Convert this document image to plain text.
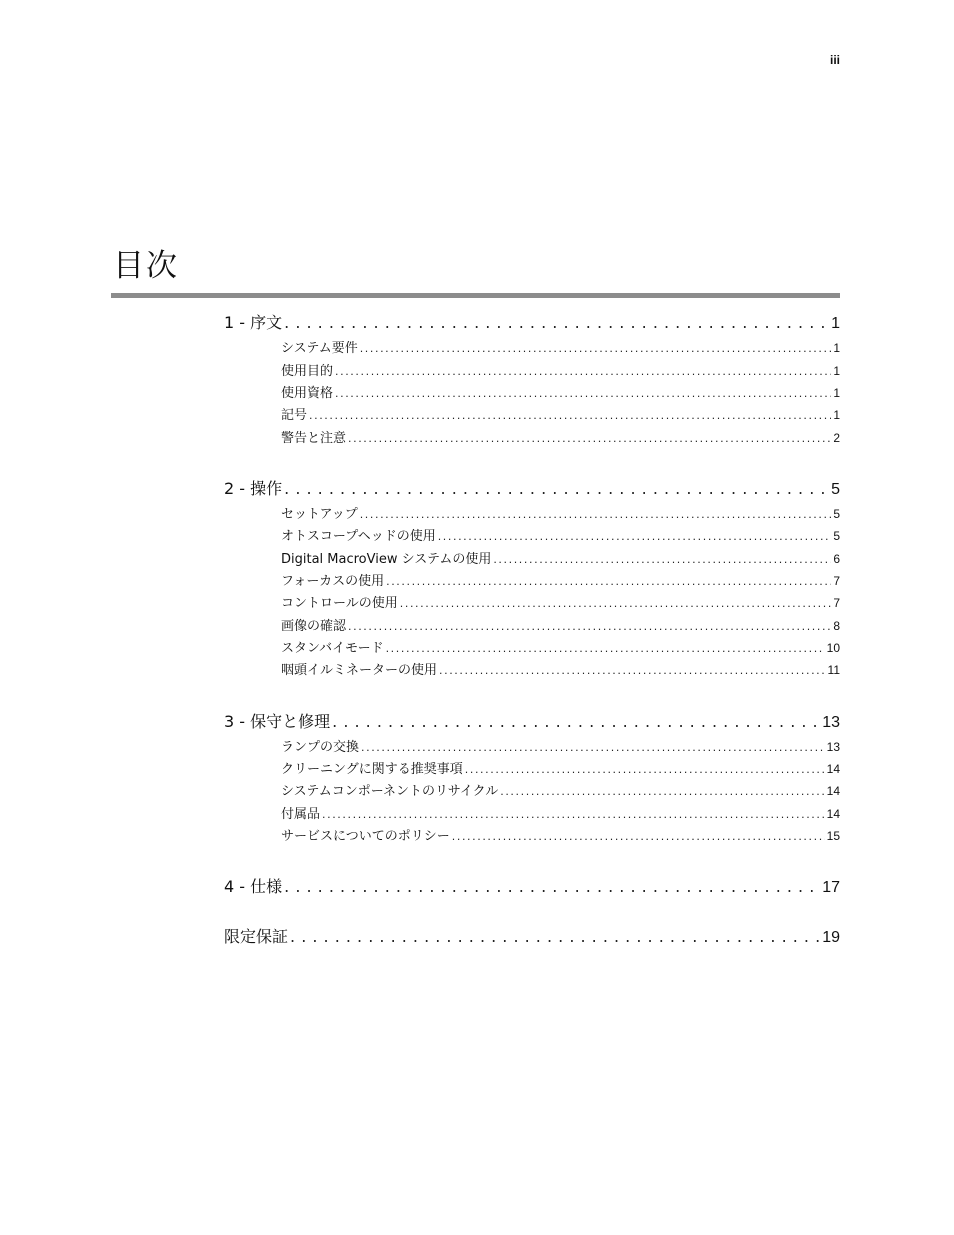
iii
目次
1 - 序文 . . .	1
システム要件 .....	1
使用目的 .....	1
使用資格 .....	1
記号 .....	1
警告と注意 .....	2
2 - 操作 . . .	5
セットアップ .....	5
オトスコープヘッドの使用 .....	5
Digital MacroView システムの使用 .....	6
フォーカスの使用 .....	7
コントロールの使用 .....	7
画像の確認 .....	8
スタンバイモード .....	10
咽頭イルミネーターの使用 .....	11
3 - 保守と修理 . . .	13
ランプの交換 .....	13
クリーニングに関する推奨事項 .....	14
システムコンポーネントのリサイクル .....	14
付属品 .....	14
サービスについてのポリシー .....	15
4 - 仕様 . . .	17
限定保証 . . .	19
